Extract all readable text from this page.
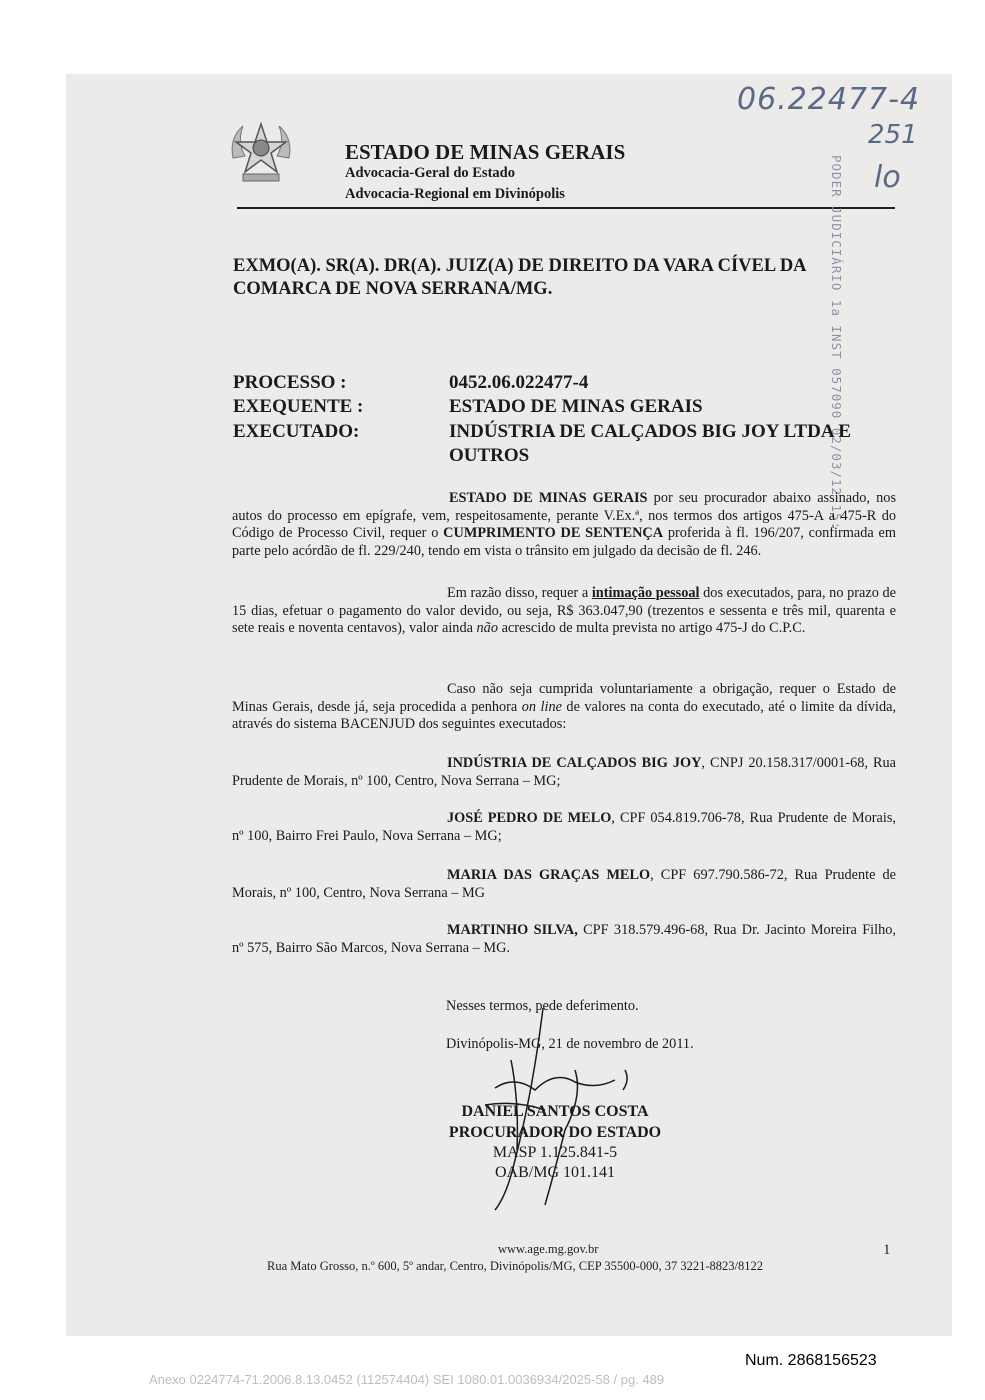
ESTADO DE MINAS GERAIS
Advocacia-Geral do Estado
Advocacia-Regional em Divinópolis
06.22477-4
251
lo
PODER JUDICIÁRIO 1a INST 057090 02/03/12 15:
EXMO(A). SR(A). DR(A). JUIZ(A) DE DIREITO DA VARA CÍVEL DA COMARCA DE NOVA SERRANA/MG.
PROCESSO :	0452.06.022477-4
EXEQUENTE :	ESTADO DE MINAS GERAIS
EXECUTADO:	INDÚSTRIA DE CALÇADOS BIG JOY LTDA E
OUTROS
ESTADO DE MINAS GERAIS por seu procurador abaixo assinado, nos autos do processo em epígrafe, vem, respeitosamente, perante V.Ex.ª, nos termos dos artigos 475-A a 475-R do Código de Processo Civil, requer o CUMPRIMENTO DE SENTENÇA proferida à fl. 196/207, confirmada em parte pelo acórdão de fl. 229/240, tendo em vista o trânsito em julgado da decisão de fl. 246.
Em razão disso, requer a intimação pessoal dos executados, para, no prazo de 15 dias, efetuar o pagamento do valor devido, ou seja, R$ 363.047,90 (trezentos e sessenta e três mil, quarenta e sete reais e noventa centavos), valor ainda não acrescido de multa prevista no artigo 475-J do C.P.C.
Caso não seja cumprida voluntariamente a obrigação, requer o Estado de Minas Gerais, desde já, seja procedida a penhora on line de valores na conta do executado, até o limite da dívida, através do sistema BACENJUD dos seguintes executados:
INDÚSTRIA DE CALÇADOS BIG JOY, CNPJ 20.158.317/0001-68, Rua Prudente de Morais, nº 100, Centro, Nova Serrana – MG;
JOSÉ PEDRO DE MELO, CPF 054.819.706-78, Rua Prudente de Morais, nº 100, Bairro Frei Paulo, Nova Serrana – MG;
MARIA DAS GRAÇAS MELO, CPF 697.790.586-72, Rua Prudente de Morais, nº 100, Centro, Nova Serrana – MG
MARTINHO SILVA, CPF 318.579.496-68, Rua Dr. Jacinto Moreira Filho, nº 575, Bairro São Marcos, Nova Serrana – MG.
Nesses termos, pede deferimento.
Divinópolis-MG, 21 de novembro de 2011.
DANIEL SANTOS COSTA
PROCURADOR DO ESTADO
MASP 1.125.841-5
OAB/MG 101.141
www.age.mg.gov.br
Rua Mato Grosso, n.º 600, 5º andar, Centro, Divinópolis/MG, CEP 35500-000, 37 3221-8823/8122
1
Num. 2868156523
Anexo 0224774-71.2006.8.13.0452 (112574404) SEI 1080.01.0036934/2025-58 / pg. 489
